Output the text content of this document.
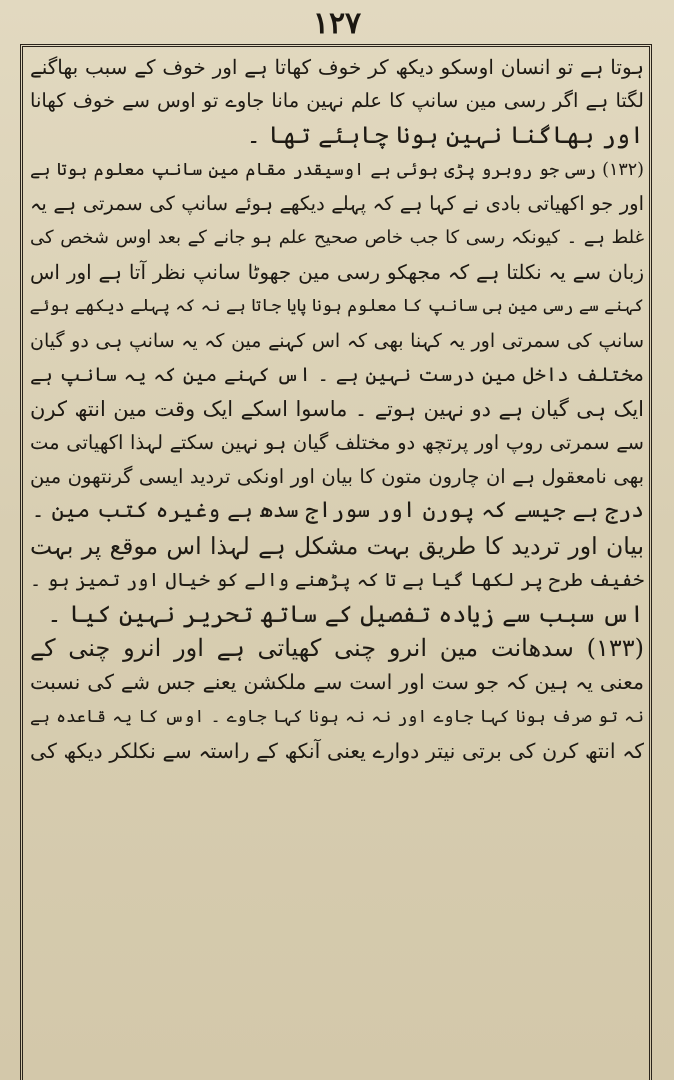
۱۲۷
ہوتا ہے تو انسان اوسکو دیکھ کر خوف کھاتا ہے اور خوف کے سبب بھاگنے
لگتا ہے اگر رسی مین سانپ کا علم نہین مانا جاوے تو اوس سے خوف کھانا
اور بھاگنا نہین ہونا چاہئے تھا ۔
(۱۳۲) رسی جو روبرو پڑی ہوئی ہے اوسیقدر مقام مین سانپ معلوم ہوتا ہے
اور جو اکھیاتی بادی نے کہا ہے کہ پہلے دیکھے ہوئے سانپ کی سمرتی ہے یہ
غلط ہے ۔ کیونکہ رسی کا جب خاص صحیح علم ہو جانے کے بعد اوس شخص کی
زبان سے یہ نکلتا ہے کہ مجھکو رسی مین جھوٹا سانپ نظر آتا ہے اور اس
کہنے سے رسی مین ہی سانپ کا معلوم ہونا پایا جاتا ہے نہ کہ پہلے دیکھے ہوئے
سانپ کی سمرتی اور یہ کہنا بھی کہ اس کہنے مین کہ یہ سانپ ہی دو گیان
مختلف داخل مین درست نہین ہے ۔ اس کہنے مین کہ یہ سانپ ہے
ایک ہی گیان ہے دو نہین ہوتے ۔ ماسوا اسکے ایک وقت مین انتھ کرن
سے سمرتی روپ اور پرتچھ دو مختلف گیان ہو نہین سکتے لہذا اکھیاتی مت
بھی نامعقول ہے ان چارون متون کا بیان اور اونکی تردید ایسی گرنتھون مین
درج ہے جیسے کہ پورن اور سوراج سدھ ہے وغیرہ کتب مین ۔
بیان اور تردید کا طریق بہت مشکل ہے لہذا اس موقع پر بہت
خفیف طرح پر لکھا گیا ہے تا کہ پڑھنے والے کو خیال اور تمیز ہو ۔
اس سبب سے زیادہ تفصیل کے ساتھ تحریر نہین کیا ۔
(۱۳۳) سدھانت مین انرو چنی کھیاتی ہے اور انرو چنی کے
معنی یہ ہین کہ جو ست اور است سے ملکشن یعنے جس شے کی نسبت
نہ تو صرف ہونا کہا جاوے اور نہ نہ ہونا کہا جاوے ۔ اوس کا یہ قاعدہ ہے
کہ انتھ کرن کی برتی نیتر دوارے یعنی آنکھ کے راستہ سے نکلکر دیکھ کی
